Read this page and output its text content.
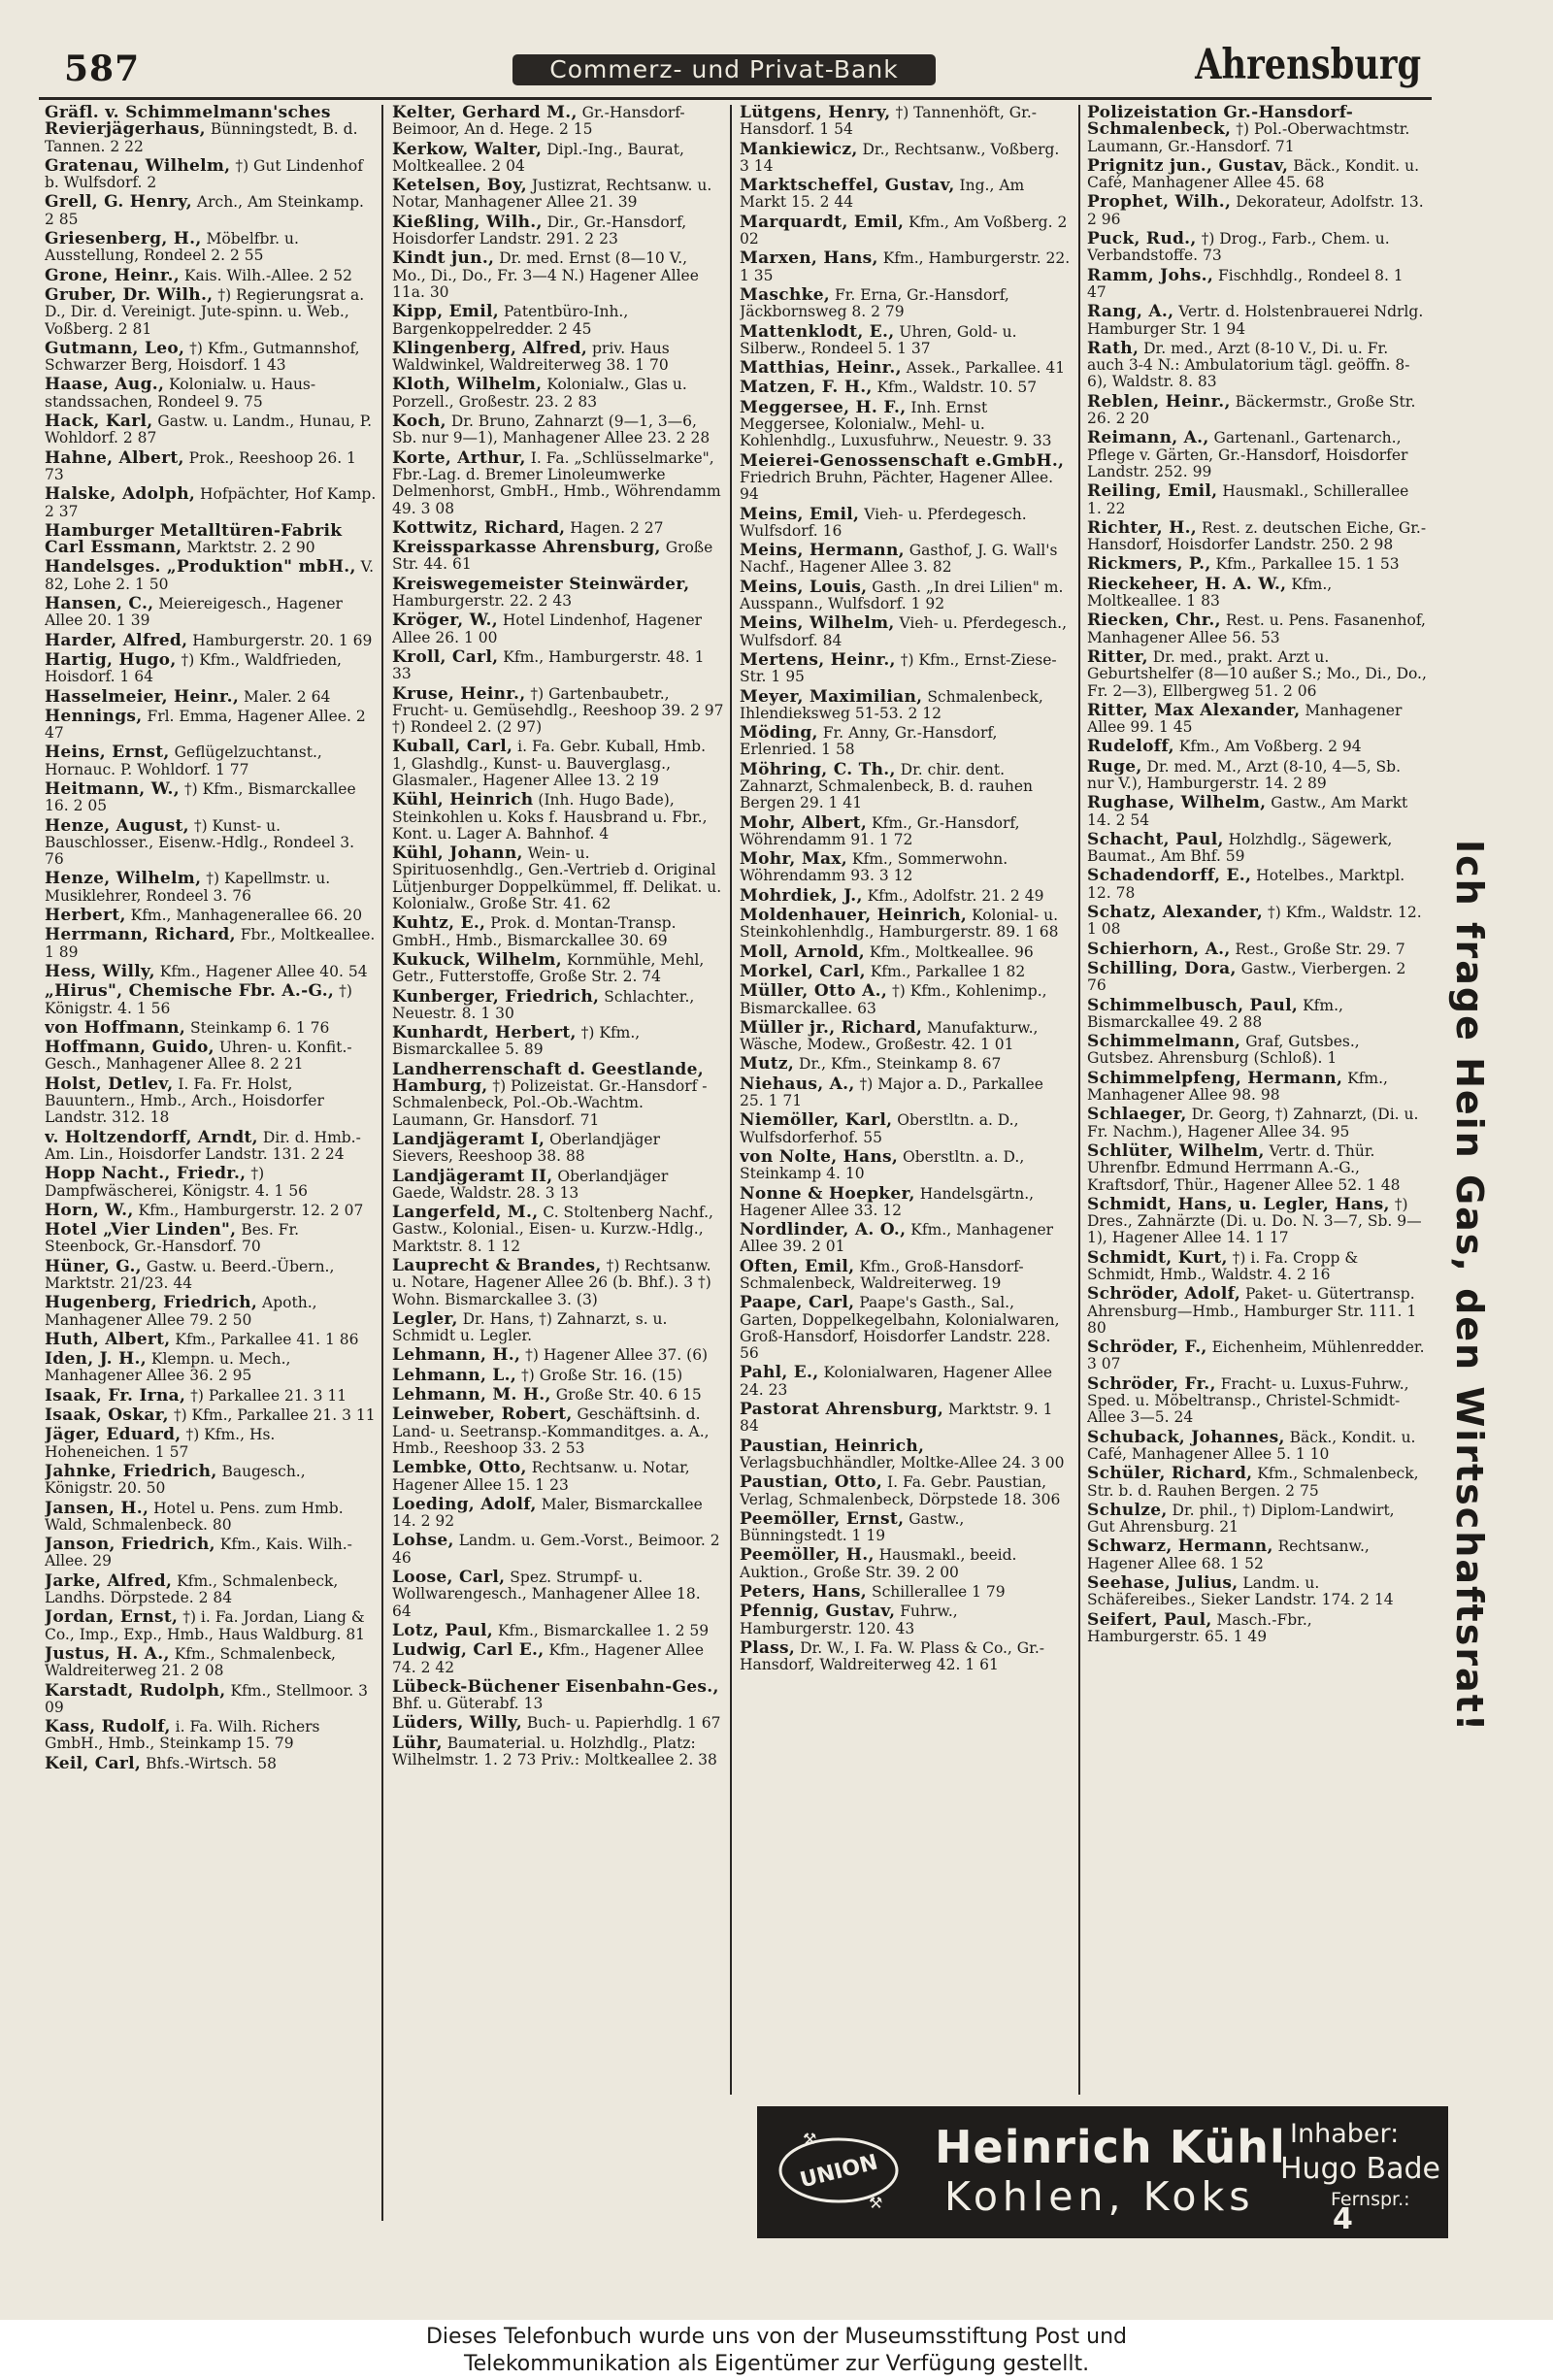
587	Commerz- und Privat-Bank	Ahrensburg
Gräfl. v. Schimmelmann'sches Revierjägerhaus, Bünningstedt, B. d. Tannen. 2 22
Gratenau, Wilhelm, †) Gut Lindenhof b. Wulfsdorf. 2
Grell, G. Henry, Arch., Am Steinkamp. 2 85
Griesenberg, H., Möbelfbr. u. Ausstellung, Rondeel 2. 2 55
Grone, Heinr., Kais. Wilh.-Allee. 2 52
Gruber, Dr. Wilh., †) Regierungsrat a. D., Dir. d. Vereinigt. Jute-spinn. u. Web., Voßberg. 2 81
Gutmann, Leo, †) Kfm., Gutmannshof, Schwarzer Berg, Hoisdorf. 1 43
Haase, Aug., Kolonialw. u. Haus-standssachen, Rondeel 9. 75
Hack, Karl, Gastw. u. Landm., Hunau, P. Wohldorf. 2 87
Hahne, Albert, Prok., Reeshoop 26. 1 73
Halske, Adolph, Hofpächter, Hof Kamp. 2 37
Hamburger Metalltüren-Fabrik Carl Essmann, Marktstr. 2. 2 90
Handelsges. „Produktion" mbH., V. 82, Lohe 2. 1 50
Hansen, C., Meiereigesch., Hagener Allee 20. 1 39
Harder, Alfred, Hamburgerstr. 20. 1 69
Hartig, Hugo, †) Kfm., Waldfrieden, Hoisdorf. 1 64
Hasselmeier, Heinr., Maler. 2 64
Hennings, Frl. Emma, Hagener Allee. 2 47
Heins, Ernst, Geflügelzuchtanst., Hornauc. P. Wohldorf. 1 77
Heitmann, W., †) Kfm., Bismarckallee 16. 2 05
Henze, August, †) Kunst- u. Bauschlosser., Eisenw.-Hdlg., Rondeel 3. 76
Henze, Wilhelm, †) Kapellmstr. u. Musiklehrer, Rondeel 3. 76
Herbert, Kfm., Manhagenerallee 66. 20
Herrmann, Richard, Fbr., Moltkeallee. 1 89
Hess, Willy, Kfm., Hagener Allee 40. 54
„Hirus", Chemische Fbr. A.-G., †) Königstr. 4. 1 56
von Hoffmann, Steinkamp 6. 1 76
Hoffmann, Guido, Uhren- u. Konfit.-Gesch., Manhagener Allee 8. 2 21
Holst, Detlev, I. Fa. Fr. Holst, Bauuntern., Hmb., Arch., Hoisdorfer Landstr. 312. 18
v. Holtzendorff, Arndt, Dir. d. Hmb.-Am. Lin., Hoisdorfer Landstr. 131. 2 24
Hopp Nacht., Friedr., †) Dampfwäscherei, Königstr. 4. 1 56
Horn, W., Kfm., Hamburgerstr. 12. 2 07
Hotel „Vier Linden", Bes. Fr. Steenbock, Gr.-Hansdorf. 70
Hüner, G., Gastw. u. Beerd.-Übern., Marktstr. 21/23. 44
Hugenberg, Friedrich, Apoth., Manhagener Allee 79. 2 50
Huth, Albert, Kfm., Parkallee 41. 1 86
Iden, J. H., Klempn. u. Mech., Manhagener Allee 36. 2 95
Isaak, Fr. Irna, †) Parkallee 21. 3 11
Isaak, Oskar, †) Kfm., Parkallee 21. 3 11
Jäger, Eduard, †) Kfm., Hs. Hoheneichen. 1 57
Jahnke, Friedrich, Baugesch., Königstr. 20. 50
Jansen, H., Hotel u. Pens. zum Hmb. Wald, Schmalenbeck. 80
Janson, Friedrich, Kfm., Kais. Wilh.-Allee. 29
Jarke, Alfred, Kfm., Schmalenbeck, Landhs. Dörpstede. 2 84
Jordan, Ernst, †) i. Fa. Jordan, Liang & Co., Imp., Exp., Hmb., Haus Waldburg. 81
Justus, H. A., Kfm., Schmalenbeck, Waldreiterweg 21. 2 08
Karstadt, Rudolph, Kfm., Stellmoor. 3 09
Kass, Rudolf, i. Fa. Wilh. Richers GmbH., Hmb., Steinkamp 15. 79
Keil, Carl, Bhfs.-Wirtsch. 58
Kelter, Gerhard M., Gr.-Hansdorf-Beimoor, An d. Hege. 2 15
Kerkow, Walter, Dipl.-Ing., Baurat, Moltkeallee. 2 04
Ketelsen, Boy, Justizrat, Rechtsanw. u. Notar, Manhagener Allee 21. 39
Kießling, Wilh., Dir., Gr.-Hansdorf, Hoisdorfer Landstr. 291. 2 23
Kindt jun., Dr. med. Ernst (8—10 V., Mo., Di., Do., Fr. 3—4 N.) Hagener Allee 11a. 30
Kipp, Emil, Patentbüro-Inh., Bargenkoppelredder. 2 45
Klingenberg, Alfred, priv. Haus Waldwinkel, Waldreiterweg 38. 1 70
Kloth, Wilhelm, Kolonialw., Glas u. Porzell., Großestr. 23. 2 83
Koch, Dr. Bruno, Zahnarzt (9—1, 3—6, Sb. nur 9—1), Manhagener Allee 23. 2 28
Korte, Arthur, I. Fa. „Schlüsselmarke", Fbr.-Lag. d. Bremer Linoleumwerke Delmenhorst, GmbH., Hmb., Wöhrendamm 49. 3 08
Kottwitz, Richard, Hagen. 2 27
Kreissparkasse Ahrensburg, Große Str. 44. 61
Kreiswegemeister Steinwärder, Hamburgerstr. 22. 2 43
Kröger, W., Hotel Lindenhof, Hagener Allee 26. 1 00
Kroll, Carl, Kfm., Hamburgerstr. 48. 1 33
Kruse, Heinr., †) Gartenbaubetr., Frucht- u. Gemüsehdlg., Reeshoop 39. 2 97 †) Rondeel 2. (2 97)
Kuball, Carl, i. Fa. Gebr. Kuball, Hmb. 1, Glashdlg., Kunst- u. Bauverglasg., Glasmaler., Hagener Allee 13. 2 19
Kühl, Heinrich (Inh. Hugo Bade), Steinkohlen u. Koks f. Hausbrand u. Fbr., Kont. u. Lager A. Bahnhof. 4
Kühl, Johann, Wein- u. Spirituosenhdlg., Gen.-Vertrieb d. Original Lütjenburger Doppelkümmel, ff. Delikat. u. Kolonialw., Große Str. 41. 62
Kuhtz, E., Prok. d. Montan-Transp. GmbH., Hmb., Bismarckallee 30. 69
Kukuck, Wilhelm, Kornmühle, Mehl, Getr., Futterstoffe, Große Str. 2. 74
Kunberger, Friedrich, Schlachter., Neuestr. 8. 1 30
Kunhardt, Herbert, †) Kfm., Bismarckallee 5. 89
Landherrenschaft d. Geestlande, Hamburg, †) Polizeistat. Gr.-Hansdorf - Schmalenbeck, Pol.-Ob.-Wachtm. Laumann, Gr. Hansdorf. 71
Landjägeramt I, Oberlandjäger Sievers, Reeshoop 38. 88
Landjägeramt II, Oberlandjäger Gaede, Waldstr. 28. 3 13
Langerfeld, M., C. Stoltenberg Nachf., Gastw., Kolonial., Eisen- u. Kurzw.-Hdlg., Marktstr. 8. 1 12
Lauprecht & Brandes, †) Rechtsanw. u. Notare, Hagener Allee 26 (b. Bhf.). 3 †) Wohn. Bismarckallee 3. (3)
Legler, Dr. Hans, †) Zahnarzt, s. u. Schmidt u. Legler.
Lehmann, H., †) Hagener Allee 37. (6)
Lehmann, L., †) Große Str. 16. (15)
Lehmann, M. H., Große Str. 40. 6 15
Leinweber, Robert, Geschäftsinh. d. Land- u. Seetransp.-Kommanditges. a. A., Hmb., Reeshoop 33. 2 53
Lembke, Otto, Rechtsanw. u. Notar, Hagener Allee 15. 1 23
Loeding, Adolf, Maler, Bismarckallee 14. 2 92
Lohse, Landm. u. Gem.-Vorst., Beimoor. 2 46
Loose, Carl, Spez. Strumpf- u. Wollwarengesch., Manhagener Allee 18. 64
Lotz, Paul, Kfm., Bismarckallee 1. 2 59
Ludwig, Carl E., Kfm., Hagener Allee 74. 2 42
Lübeck-Büchener Eisenbahn-Ges., Bhf. u. Güterabf. 13
Lüders, Willy, Buch- u. Papierhdlg. 1 67
Lühr, Baumaterial. u. Holzhdlg., Platz: Wilhelmstr. 1. 2 73 Priv.: Moltkeallee 2. 38
Lütgens, Henry, †) Tannenhöft, Gr.-Hansdorf. 1 54
Mankiewicz, Dr., Rechtsanw., Voßberg. 3 14
Marktscheffel, Gustav, Ing., Am Markt 15. 2 44
Marquardt, Emil, Kfm., Am Voßberg. 2 02
Marxen, Hans, Kfm., Hamburgerstr. 22. 1 35
Maschke, Fr. Erna, Gr.-Hansdorf, Jäckbornsweg 8. 2 79
Mattenklodt, E., Uhren, Gold- u. Silberw., Rondeel 5. 1 37
Matthias, Heinr., Assek., Parkallee. 41
Matzen, F. H., Kfm., Waldstr. 10. 57
Meggersee, H. F., Inh. Ernst Meggersee, Kolonialw., Mehl- u. Kohlenhdlg., Luxusfuhrw., Neuestr. 9. 33
Meierei-Genossenschaft e.GmbH., Friedrich Bruhn, Pächter, Hagener Allee. 94
Meins, Emil, Vieh- u. Pferdegesch. Wulfsdorf. 16
Meins, Hermann, Gasthof, J. G. Wall's Nachf., Hagener Allee 3. 82
Meins, Louis, Gasth. „In drei Lilien" m. Ausspann., Wulfsdorf. 1 92
Meins, Wilhelm, Vieh- u. Pferdegesch., Wulfsdorf. 84
Mertens, Heinr., †) Kfm., Ernst-Ziese-Str. 1 95
Meyer, Maximilian, Schmalenbeck, Ihlendieksweg 51-53. 2 12
Möding, Fr. Anny, Gr.-Hansdorf, Erlenried. 1 58
Möhring, C. Th., Dr. chir. dent. Zahnarzt, Schmalenbeck, B. d. rauhen Bergen 29. 1 41
Mohr, Albert, Kfm., Gr.-Hansdorf, Wöhrendamm 91. 1 72
Mohr, Max, Kfm., Sommerwohn. Wöhrendamm 93. 3 12
Mohrdiek, J., Kfm., Adolfstr. 21. 2 49
Moldenhauer, Heinrich, Kolonial- u. Steinkohlenhdlg., Hamburgerstr. 89. 1 68
Moll, Arnold, Kfm., Moltkeallee. 96
Morkel, Carl, Kfm., Parkallee 1 82
Müller, Otto A., †) Kfm., Kohlenimp., Bismarckallee. 63
Müller jr., Richard, Manufakturw., Wäsche, Modew., Großestr. 42. 1 01
Mutz, Dr., Kfm., Steinkamp 8. 67
Niehaus, A., †) Major a. D., Parkallee 25. 1 71
Niemöller, Karl, Oberstltn. a. D., Wulfsdorferhof. 55
von Nolte, Hans, Oberstltn. a. D., Steinkamp 4. 10
Nonne & Hoepker, Handelsgärtn., Hagener Allee 33. 12
Nordlinder, A. O., Kfm., Manhagener Allee 39. 2 01
Often, Emil, Kfm., Groß-Hansdorf-Schmalenbeck, Waldreiterweg. 19
Paape, Carl, Paape's Gasth., Sal., Garten, Doppelkegelbahn, Kolonialwaren, Groß-Hansdorf, Hoisdorfer Landstr. 228. 56
Pahl, E., Kolonialwaren, Hagener Allee 24. 23
Pastorat Ahrensburg, Marktstr. 9. 1 84
Paustian, Heinrich, Verlagsbuchhändler, Moltke-Allee 24. 3 00
Paustian, Otto, I. Fa. Gebr. Paustian, Verlag, Schmalenbeck, Dörpstede 18. 306
Peemöller, Ernst, Gastw., Bünningstedt. 1 19
Peemöller, H., Hausmakl., beeid. Auktion., Große Str. 39. 2 00
Peters, Hans, Schillerallee 1 79
Pfennig, Gustav, Fuhrw., Hamburgerstr. 120. 43
Plass, Dr. W., I. Fa. W. Plass & Co., Gr.-Hansdorf, Waldreiterweg 42. 1 61
Polizeistation Gr.-Hansdorf-Schmalenbeck, †) Pol.-Oberwachtmstr. Laumann, Gr.-Hansdorf. 71
Prignitz jun., Gustav, Bäck., Kondit. u. Café, Manhagener Allee 45. 68
Prophet, Wilh., Dekorateur, Adolfstr. 13. 2 96
Puck, Rud., †) Drog., Farb., Chem. u. Verbandstoffe. 73
Ramm, Johs., Fischhdlg., Rondeel 8. 1 47
Rang, A., Vertr. d. Holstenbrauerei Ndrlg. Hamburger Str. 1 94
Rath, Dr. med., Arzt (8-10 V., Di. u. Fr. auch 3-4 N.: Ambulatorium tägl. geöffn. 8-6), Waldstr. 8. 83
Reblen, Heinr., Bäckermstr., Große Str. 26. 2 20
Reimann, A., Gartenanl., Gartenarch., Pflege v. Gärten, Gr.-Hansdorf, Hoisdorfer Landstr. 252. 99
Reiling, Emil, Hausmakl., Schillerallee 1. 22
Richter, H., Rest. z. deutschen Eiche, Gr.-Hansdorf, Hoisdorfer Landstr. 250. 2 98
Rickmers, P., Kfm., Parkallee 15. 1 53
Rieckeheer, H. A. W., Kfm., Moltkeallee. 1 83
Riecken, Chr., Rest. u. Pens. Fasanenhof, Manhagener Allee 56. 53
Ritter, Dr. med., prakt. Arzt u. Geburtshelfer (8—10 außer S.; Mo., Di., Do., Fr. 2—3), Ellbergweg 51. 2 06
Ritter, Max Alexander, Manhagener Allee 99. 1 45
Rudeloff, Kfm., Am Voßberg. 2 94
Ruge, Dr. med. M., Arzt (8-10, 4—5, Sb. nur V.), Hamburgerstr. 14. 2 89
Rughase, Wilhelm, Gastw., Am Markt 14. 2 54
Schacht, Paul, Holzhdlg., Sägewerk, Baumat., Am Bhf. 59
Schadendorff, E., Hotelbes., Marktpl. 12. 78
Schatz, Alexander, †) Kfm., Waldstr. 12. 1 08
Schierhorn, A., Rest., Große Str. 29. 7
Schilling, Dora, Gastw., Vierbergen. 2 76
Schimmelbusch, Paul, Kfm., Bismarckallee 49. 2 88
Schimmelmann, Graf, Gutsbes., Gutsbez. Ahrensburg (Schloß). 1
Schimmelpfeng, Hermann, Kfm., Manhagener Allee 98. 98
Schlaeger, Dr. Georg, †) Zahnarzt, (Di. u. Fr. Nachm.), Hagener Allee 34. 95
Schlüter, Wilhelm, Vertr. d. Thür. Uhrenfbr. Edmund Herrmann A.-G., Kraftsdorf, Thür., Hagener Allee 52. 1 48
Schmidt, Hans, u. Legler, Hans, †) Dres., Zahnärzte (Di. u. Do. N. 3—7, Sb. 9—1), Hagener Allee 14. 1 17
Schmidt, Kurt, †) i. Fa. Cropp & Schmidt, Hmb., Waldstr. 4. 2 16
Schröder, Adolf, Paket- u. Gütertransp. Ahrensburg—Hmb., Hamburger Str. 111. 1 80
Schröder, F., Eichenheim, Mühlenredder. 3 07
Schröder, Fr., Fracht- u. Luxus-Fuhrw., Sped. u. Möbeltransp., Christel-Schmidt-Allee 3—5. 24
Schuback, Johannes, Bäck., Kondit. u. Café, Manhagener Allee 5. 1 10
Schüler, Richard, Kfm., Schmalenbeck, Str. b. d. Rauhen Bergen. 2 75
Schulze, Dr. phil., †) Diplom-Landwirt, Gut Ahrensburg. 21
Schwarz, Hermann, Rechtsanw., Hagener Allee 68. 1 52
Seehase, Julius, Landm. u. Schäfereibes., Sieker Landstr. 174. 2 14
Seifert, Paul, Masch.-Fbr., Hamburgerstr. 65. 1 49	Ich frage Hein Gas, den Wirtschaftsrat!
UNION
⚒
⚒
Heinrich Kühl
Kohlen, Koks
Inhaber:
Hugo Bade
Fernspr.:
4
Dieses Telefonbuch wurde uns von der Museumsstiftung Post und
Telekommunikation als Eigentümer zur Verfügung gestellt.
